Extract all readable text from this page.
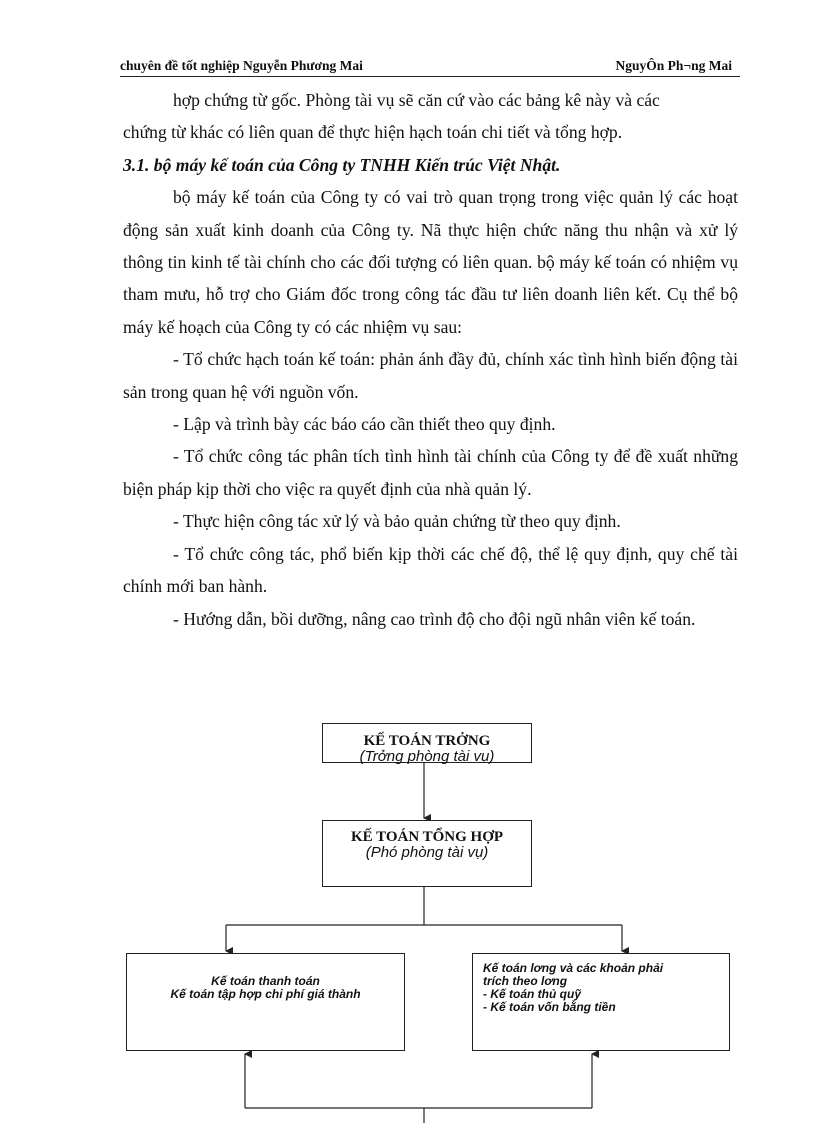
chuyên đề tốt nghiệp Nguyễn Phương Mai	NguyÔn Ph¬ng Mai

hợp chứng từ gốc. Phòng tài vụ sẽ căn cứ vào các bảng kê này và các

chứng từ khác có liên quan để thực hiện hạch toán chi tiết và tổng hợp.

3.1. bộ máy kế toán của Công ty TNHH Kiến trúc Việt Nhật.

bộ máy kế toán của Công ty có vai trò quan trọng trong việc quản lý các hoạt động sản xuất kinh doanh của Công ty. Nã thực hiện chức năng thu nhận và xử lý thông tin kinh tế tài chính cho các đối tượng có liên quan. bộ máy kế toán có nhiệm vụ tham mưu, hỗ trợ cho Giám đốc trong công tác đầu tư liên doanh liên kết. Cụ thể bộ máy kế hoạch của Công ty có các nhiệm vụ sau:

- Tổ chức hạch toán kế toán: phản ánh đầy đủ, chính xác tình hình biến động tài sản trong quan hệ với nguồn vốn.

- Lập và trình bày các báo cáo cần thiết theo quy định.

- Tổ chức công tác phân tích tình hình tài chính của Công ty để đề xuất những biện pháp kịp thời cho việc ra quyết định của nhà quản lý.

- Thực hiện công tác xử lý và bảo quản chứng từ theo quy định.

- Tổ chức công tác, phổ biến kịp thời các chế độ, thể lệ quy định, quy chế tài chính mới ban hành.

- Hướng dẫn, bồi dưỡng, nâng cao trình độ cho đội ngũ nhân viên kế toán.

KẾ TOÁN TRỞNG
(Trởng phòng tài vụ)
KẾ TOÁN TỔNG HỢP
(Phó phòng tài vụ)
Kế toán thanh toán
Kế toán tập hợp chi phí giá thành
Kế toán lơng và các khoản phải
trích theo lơng
- Kế toán thủ quỹ
- Kế toán vốn bằng tiền
